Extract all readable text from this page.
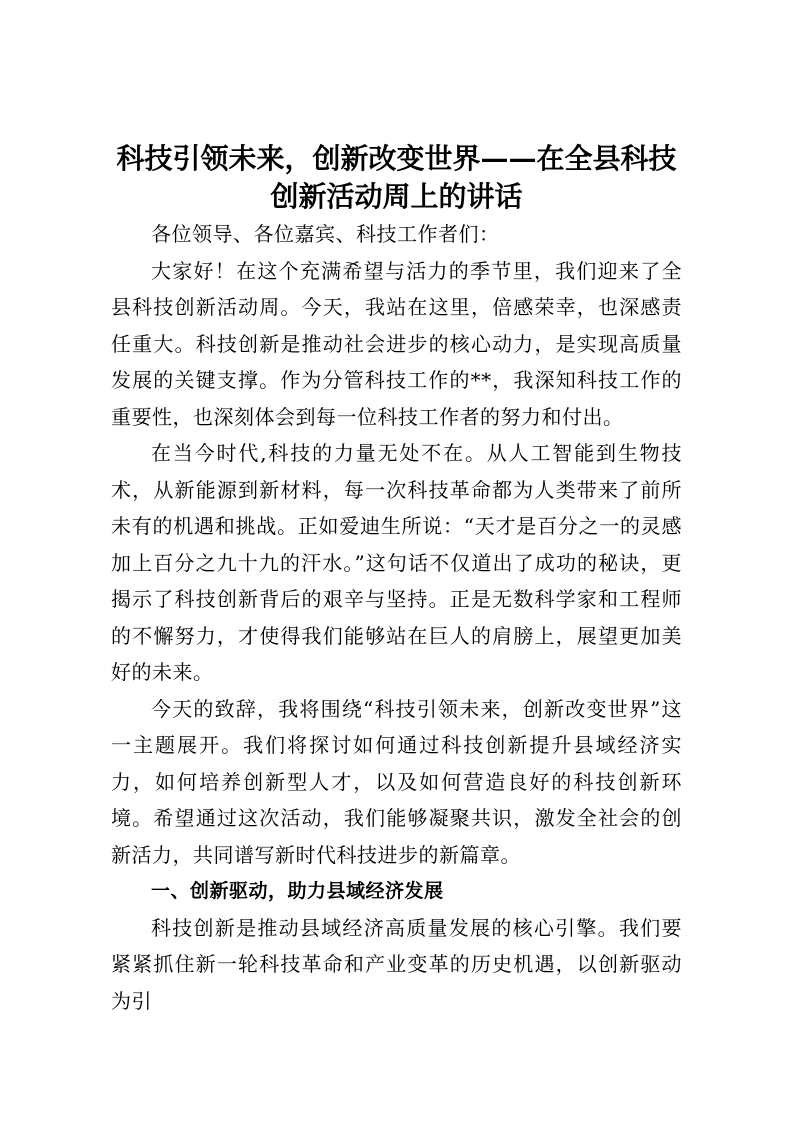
科技引领未来，创新改变世界——在全县科技
创新活动周上的讲话

各位领导、各位嘉宾、科技工作者们：

大家好！在这个充满希望与活力的季节里，我们迎来了全县科技创新活动周。今天，我站在这里，倍感荣幸，也深感责任重大。科技创新是推动社会进步的核心动力，是实现高质量发展的关键支撑。作为分管科技工作的**，我深知科技工作的重要性，也深刻体会到每一位科技工作者的努力和付出。

在当今时代,科技的力量无处不在。从人工智能到生物技术，从新能源到新材料，每一次科技革命都为人类带来了前所未有的机遇和挑战。正如爱迪生所说：“天才是百分之一的灵感加上百分之九十九的汗水。”这句话不仅道出了成功的秘诀，更揭示了科技创新背后的艰辛与坚持。正是无数科学家和工程师的不懈努力，才使得我们能够站在巨人的肩膀上，展望更加美好的未来。

今天的致辞，我将围绕“科技引领未来，创新改变世界”这一主题展开。我们将探讨如何通过科技创新提升县域经济实力，如何培养创新型人才，以及如何营造良好的科技创新环境。希望通过这次活动，我们能够凝聚共识，激发全社会的创新活力，共同谱写新时代科技进步的新篇章。

一、创新驱动，助力县域经济发展

科技创新是推动县域经济高质量发展的核心引擎。我们要紧紧抓住新一轮科技革命和产业变革的历史机遇，以创新驱动为引
